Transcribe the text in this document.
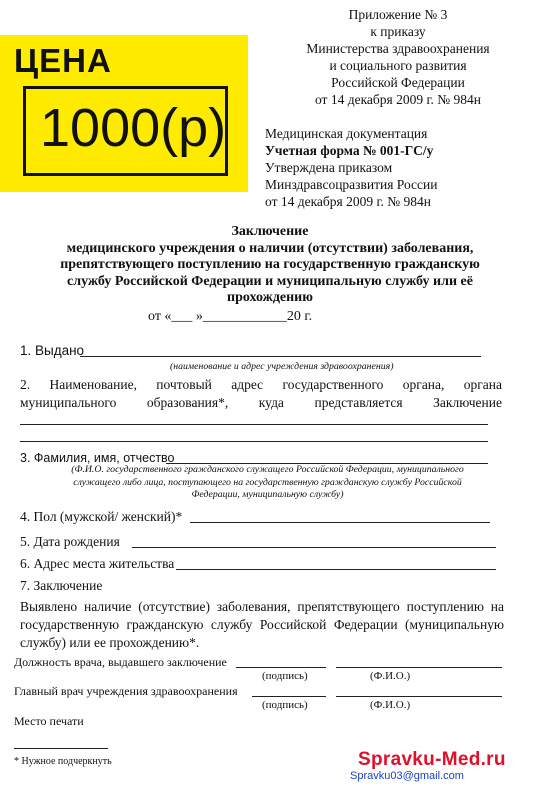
ЦЕНА
1000(р)
Приложение № 3
к приказу
Министерства здравоохранения
и социального развития
Российской Федерации
от 14 декабря 2009 г. № 984н
Медицинская документация
Учетная форма № 001-ГС/у
Утверждена приказом
Минздравсоцразвития России
от 14 декабря 2009 г. № 984н
Заключение
медицинского учреждения о наличии (отсутствии) заболевания,
препятствующего поступлению на государственную гражданскую
службу Российской Федерации и муниципальную службу или её
прохождению
от «___ »____________20 г.
1. Выдано
(наименование и адрес учреждения здравоохранения)
2. Наименование, почтовый адрес государственного органа, органа
муниципального образования*, куда представляется Заключение
3. Фамилия, имя, отчество
(Ф.И.О. государственного гражданского служащего Российской Федерации, муниципального
служащего либо лица, поступающего на государственную гражданскую службу Российской
Федерации, муниципальную службу)
4. Пол (мужской/ женский)*
5. Дата рождения
6. Адрес места жительства
7. Заключение
Выявлено наличие (отсутствие) заболевания, препятствующего поступлению на
государственную гражданскую службу Российской Федерации (муниципальную
службу) или ее прохождению*.
Должность врача, выдавшего заключение
(подпись)	(Ф.И.О.)
Главный врач учреждения здравоохранения
(подпись)	(Ф.И.О.)
Место печати
* Нужное подчеркнуть	Spravku-Med.ru
Spravku03@gmail.com
